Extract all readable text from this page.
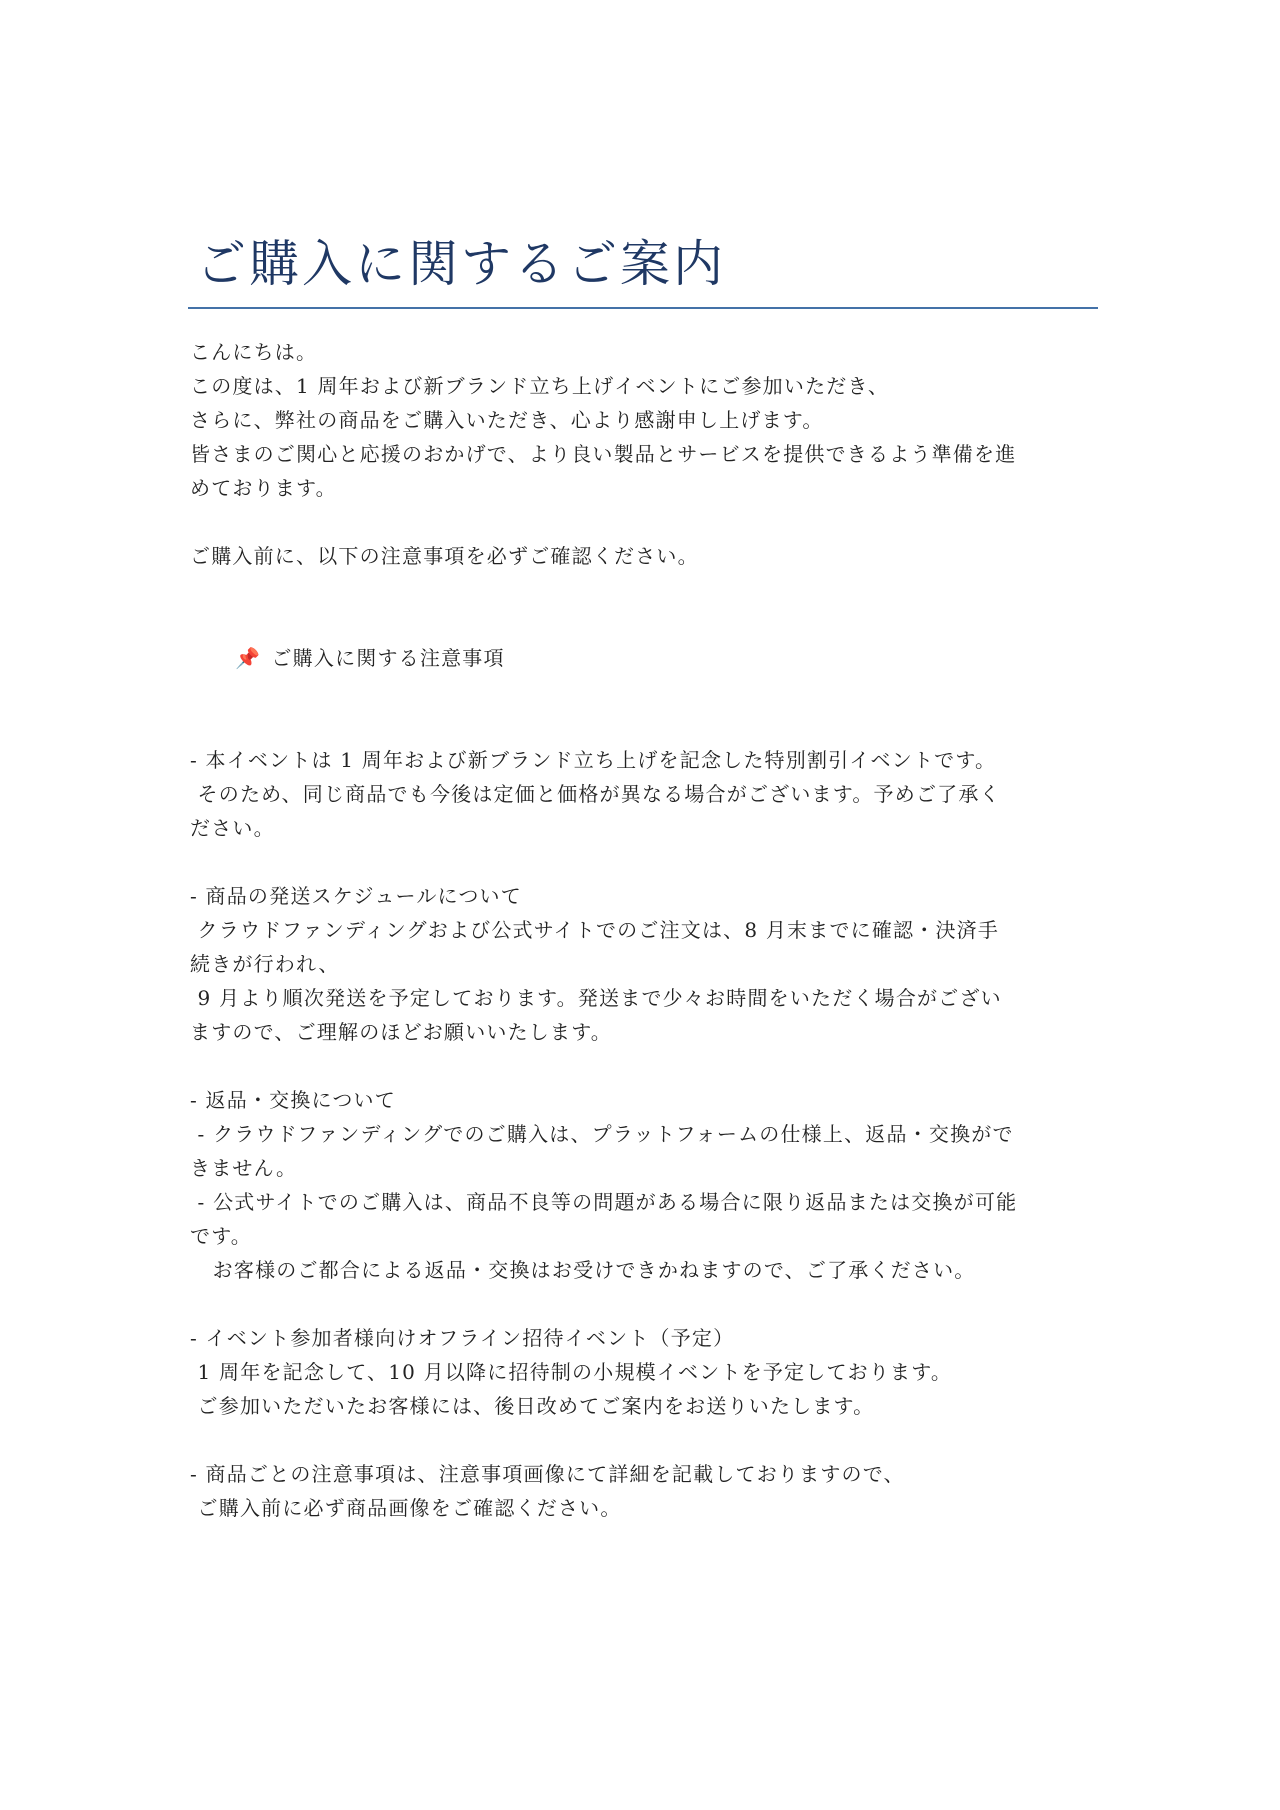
ご購入に関するご案内
こんにちは。
この度は、1 周年および新ブランド立ち上げイベントにご参加いただき、
さらに、弊社の商品をご購入いただき、心より感謝申し上げます。
皆さまのご関心と応援のおかげで、より良い製品とサービスを提供できるよう準備を進
めております。
ご購入前に、以下の注意事項を必ずご確認ください。

📌 ご購入に関する注意事項

- 本イベントは 1 周年および新ブランド立ち上げを記念した特別割引イベントです。
そのため、同じ商品でも今後は定価と価格が異なる場合がございます。予めご了承く
ださい。
- 商品の発送スケジュールについて
クラウドファンディングおよび公式サイトでのご注文は、8 月末までに確認・決済手
続きが行われ、
9 月より順次発送を予定しております。発送まで少々お時間をいただく場合がござい
ますので、ご理解のほどお願いいたします。
- 返品・交換について
- クラウドファンディングでのご購入は、プラットフォームの仕様上、返品・交換がで
きません。
- 公式サイトでのご購入は、商品不良等の問題がある場合に限り返品または交換が可能
です。
お客様のご都合による返品・交換はお受けできかねますので、ご了承ください。
- イベント参加者様向けオフライン招待イベント（予定）
1 周年を記念して、10 月以降に招待制の小規模イベントを予定しております。
ご参加いただいたお客様には、後日改めてご案内をお送りいたします。
- 商品ごとの注意事項は、注意事項画像にて詳細を記載しておりますので、
ご購入前に必ず商品画像をご確認ください。
